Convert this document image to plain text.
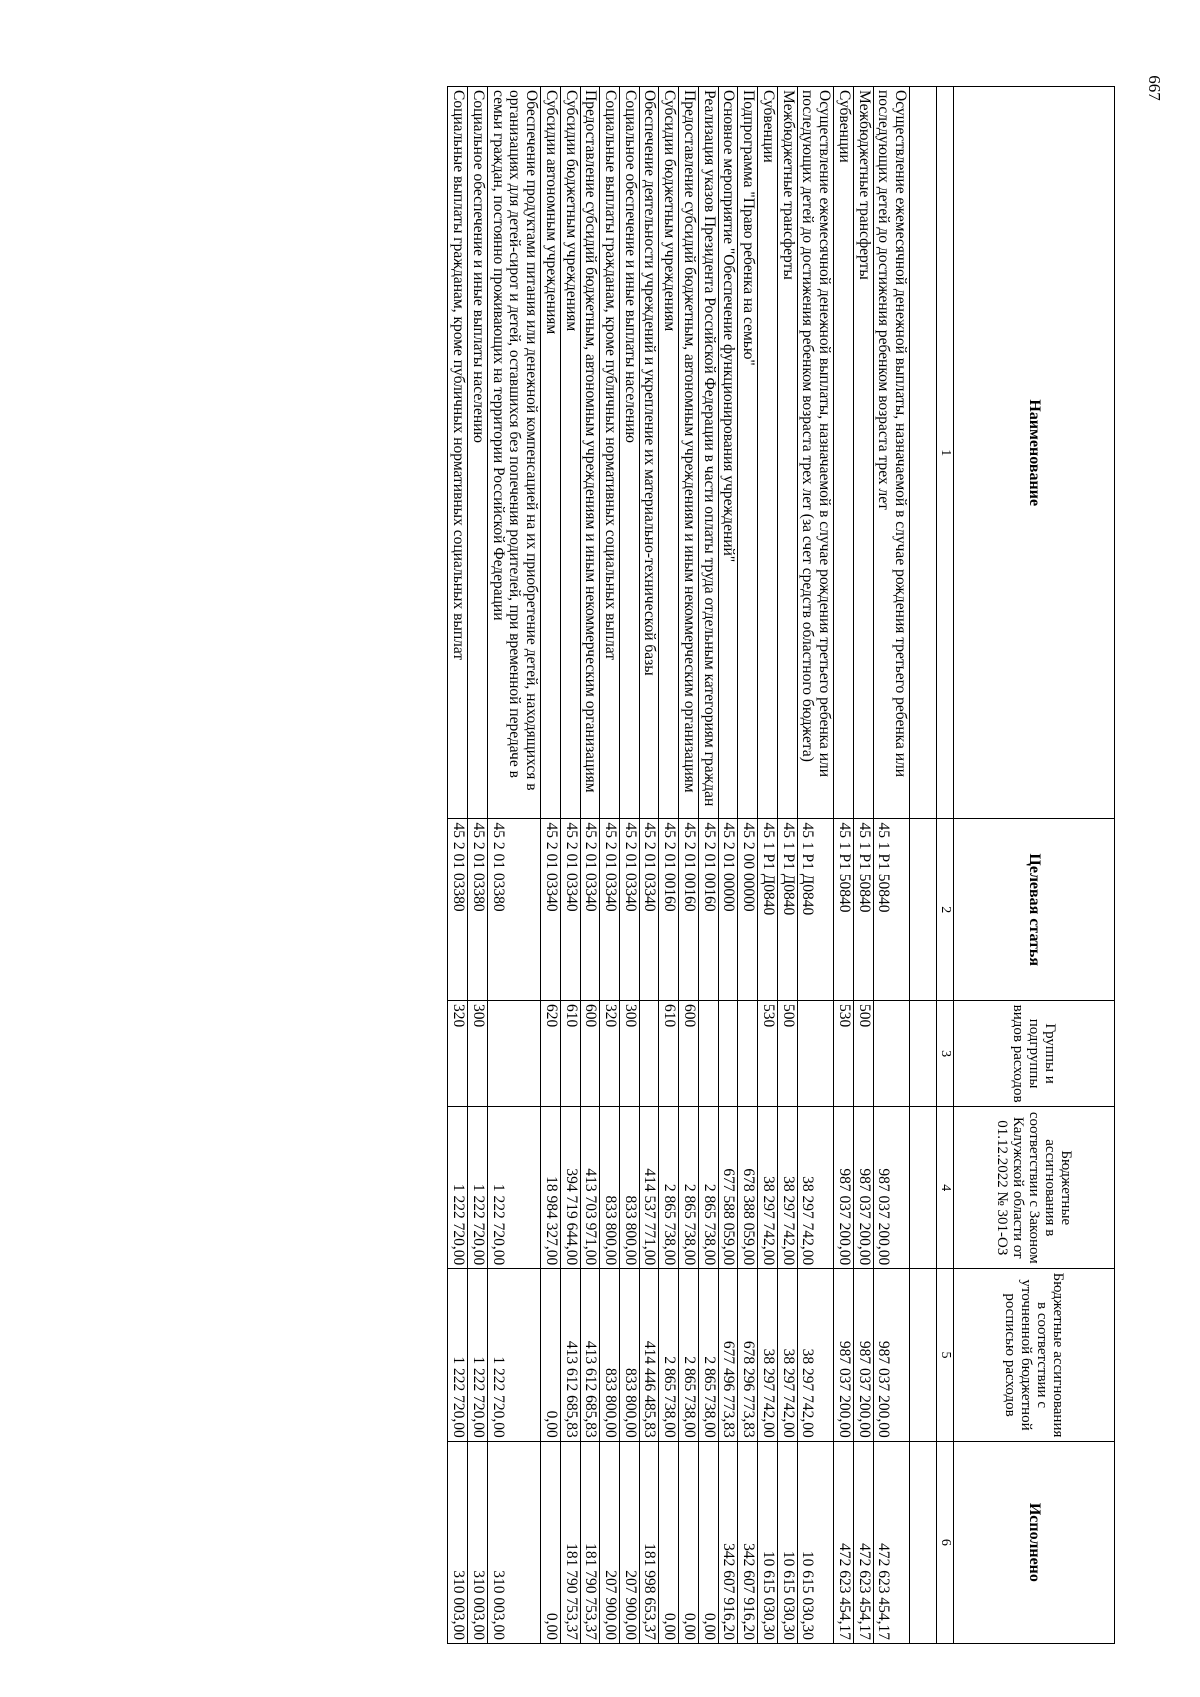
667
Наименование	Целевая статья	Группы и подгруппы видов расходов	Бюджетные ассигнования в соответствии с Законом Калужской области от 01.12.2022 № 301-ОЗ	Бюджетные ассигнования в соответствии с уточненной бюджетной росписью расходов	Исполнено
1	2	3	4	5	6

Осуществление ежемесячной денежной выплаты, назначаемой в случае рождения третьего ребенка или последующих детей до достижения ребенком возраста трех лет	45 1 P1 50840		987 037 200,00	987 037 200,00	472 623 454,17
Межбюджетные трансферты	45 1 P1 50840	500	987 037 200,00	987 037 200,00	472 623 454,17
Субвенции	45 1 P1 50840	530	987 037 200,00	987 037 200,00	472 623 454,17
Осуществление ежемесячной денежной выплаты, назначаемой в случае рождения третьего ребенка или последующих детей до достижения ребенком возраста трех лет (за счет средств областного бюджета)	45 1 P1 Д0840		38 297 742,00	38 297 742,00	10 615 030,30
Межбюджетные трансферты	45 1 P1 Д0840	500	38 297 742,00	38 297 742,00	10 615 030,30
Субвенции	45 1 P1 Д0840	530	38 297 742,00	38 297 742,00	10 615 030,30
Подпрограмма "Право ребенка на семью"	45 2 00 00000		678 388 059,00	678 296 773,83	342 607 916,20
Основное мероприятие "Обеспечение функционирования учреждений"	45 2 01 00000		677 588 059,00	677 496 773,83	342 607 916,20
Реализация указов Президента Российской Федерации в части оплаты труда отдельным категориям граждан	45 2 01 00160		2 865 738,00	2 865 738,00	0,00
Предоставление субсидий бюджетным, автономным учреждениям и иным некоммерческим организациям	45 2 01 00160	600	2 865 738,00	2 865 738,00	0,00
Субсидии бюджетным учреждениям	45 2 01 00160	610	2 865 738,00	2 865 738,00	0,00
Обеспечение деятельности учреждений и укрепление их материально-технической базы	45 2 01 03340		414 537 771,00	414 446 485,83	181 998 653,37
Социальное обеспечение и иные выплаты населению	45 2 01 03340	300	833 800,00	833 800,00	207 900,00
Социальные выплаты гражданам, кроме публичных нормативных социальных выплат	45 2 01 03340	320	833 800,00	833 800,00	207 900,00
Предоставление субсидий бюджетным, автономным учреждениям и иным некоммерческим организациям	45 2 01 03340	600	413 703 971,00	413 612 685,83	181 790 753,37
Субсидии бюджетным учреждениям	45 2 01 03340	610	394 719 644,00	413 612 685,83	181 790 753,37
Субсидии автономным учреждениям	45 2 01 03340	620	18 984 327,00	0,00	0,00
Обеспечение продуктами питания или денежной компенсацией на их приобретение детей, находящихся в организациях для детей-сирот и детей, оставшихся без попечения родителей, при временной передаче в семьи граждан, постоянно проживающих на территории Российской Федерации	45 2 01 03380		1 222 720,00	1 222 720,00	310 003,00
Социальное обеспечение и иные выплаты населению	45 2 01 03380	300	1 222 720,00	1 222 720,00	310 003,00
Социальные выплаты гражданам, кроме публичных нормативных социальных выплат	45 2 01 03380	320	1 222 720,00	1 222 720,00	310 003,00
